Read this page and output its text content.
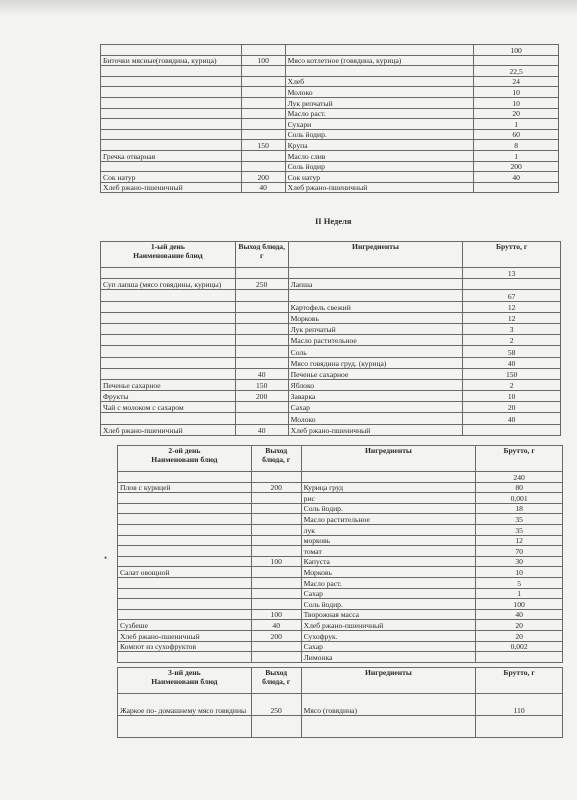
•
			100
Биточки мясные(говядина, курица)	100	Мясо котлетное (говядина, курица)	
			22,5
		Хлеб	24
		Молоко	10
		Лук репчатый	10
		Масло раст.	20
		Сухари	1
		Соль йодир.	60
	150	Крупа	8
Гречка отварная		Масло слив	1
		Соль йодир	200
Сок натур	200	Сок натур	40
Хлеб ржано-пшеничный	40	Хлеб ржано-пшеничный	
II Неделя
1-ый день
Наименование блюд	Выход блюда, г	Ингредиенты	Брутто, г
			13
Суп лапша (мясо говядины, курицы)	250	Лапша	
			67
		Картофель свежий	12
		Морковь	12
		Лук репчатый	3
		Масло растительное	2
		Соль	58
		Мясо говядина груд. (курица)	40
	40	Печенье сахарное	150
Печенье сахарное	150	Яблоко	2
Фрукты	200	Заварка	10
Чай с молоком с сахаром		Сахар	20
		Молоко	40
Хлеб ржано-пшеничный	40	Хлеб ржано-пшеничный	
2-ой день
Наименовани блюд	Выход блюда, г	Ингредиенты	Брутто, г
			240
Плов с курицей	200	Курица груд	80
		рис	0,001
		Соль йодир.	18
		Масло растительное	35
		лук	35
		морковь	12
		томат	70
	100	Капуста	30
Салат овощной		Морковь	10
		Масло раст.	5
		Сахар	1
		Соль йодир.	100
	100	Творожная масса	40
Сузбеше	40	Хлеб ржано-пшеничный	20
Хлеб ржано-пшеничный	200	Сухофрук.	20
Компот из сухофруктов		Сахар	0,002
		Лимонка	
3-ий день
Наименовани блюд	Выход блюда, г	Ингредиенты	Брутто, г
Жаркое по- домашнему мясо говядины	250	Мясо (говядина)	110
